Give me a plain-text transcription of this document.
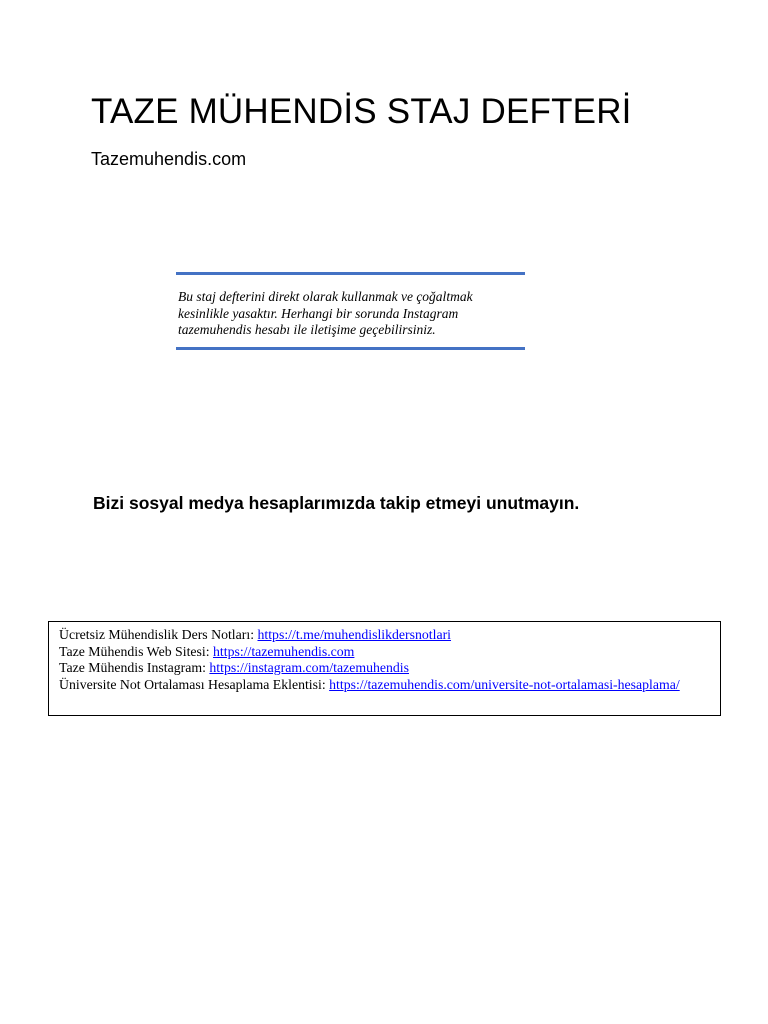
TAZE MÜHENDİS STAJ DEFTERİ
Tazemuhendis.com
Bu staj defterini direkt olarak kullanmak ve çoğaltmak kesinlikle yasaktır. Herhangi bir sorunda Instagram tazemuhendis hesabı ile iletişime geçebilirsiniz.
Bizi sosyal medya hesaplarımızda takip etmeyi unutmayın.
Ücretsiz Mühendislik Ders Notları: https://t.me/muhendislikdersnotlari
Taze Mühendis Web Sitesi: https://tazemuhendis.com
Taze Mühendis Instagram: https://instagram.com/tazemuhendis
Üniversite Not Ortalaması Hesaplama Eklentisi: https://tazemuhendis.com/universite-not-ortalamasi-hesaplama/
